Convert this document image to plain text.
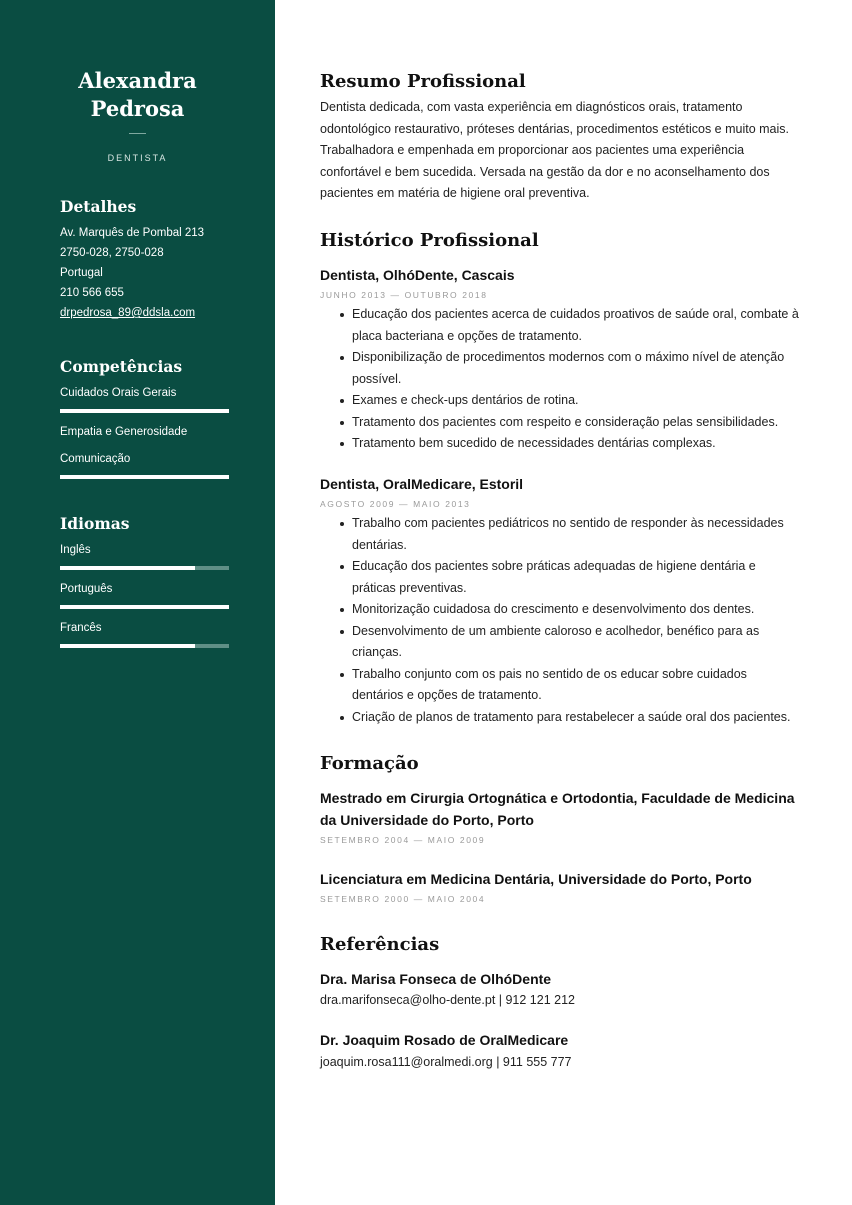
Alexandra
Pedrosa
DENTISTA
Detalhes
Av. Marquês de Pombal 213
2750-028, 2750-028
Portugal
210 566 655
drpedrosa_89@ddsla.com
Competências
Cuidados Orais Gerais
Empatia e Generosidade
Comunicação
Idiomas
Inglês
Português
Francês
Resumo Profissional
Dentista dedicada, com vasta experiência em diagnósticos orais, tratamento odontológico restaurativo, próteses dentárias, procedimentos estéticos e muito mais. Trabalhadora e empenhada em proporcionar aos pacientes uma experiência confortável e bem sucedida. Versada na gestão da dor e no aconselhamento dos pacientes em matéria de higiene oral preventiva.
Histórico Profissional
Dentista, OlhóDente, Cascais
JUNHO 2013 — OUTUBRO 2018
Educação dos pacientes acerca de cuidados proativos de saúde oral, combate à placa bacteriana e opções de tratamento.
Disponibilização de procedimentos modernos com o máximo nível de atenção possível.
Exames e check-ups dentários de rotina.
Tratamento dos pacientes com respeito e consideração pelas sensibilidades.
Tratamento bem sucedido de necessidades dentárias complexas.
Dentista, OralMedicare, Estoril
AGOSTO 2009 — MAIO 2013
Trabalho com pacientes pediátricos no sentido de responder às necessidades dentárias.
Educação dos pacientes sobre práticas adequadas de higiene dentária e práticas preventivas.
Monitorização cuidadosa do crescimento e desenvolvimento dos dentes.
Desenvolvimento de um ambiente caloroso e acolhedor, benéfico para as crianças.
Trabalho conjunto com os pais no sentido de os educar sobre cuidados dentários e opções de tratamento.
Criação de planos de tratamento para restabelecer a saúde oral dos pacientes.
Formação
Mestrado em Cirurgia Ortognática e Ortodontia, Faculdade de Medicina da Universidade do Porto, Porto
SETEMBRO 2004 — MAIO 2009
Licenciatura em Medicina Dentária, Universidade do Porto, Porto
SETEMBRO 2000 — MAIO 2004
Referências
Dra. Marisa Fonseca de OlhóDente
dra.marifonseca@olho-dente.pt | 912 121 212
Dr. Joaquim Rosado de OralMedicare
joaquim.rosa111@oralmedi.org | 911 555 777
